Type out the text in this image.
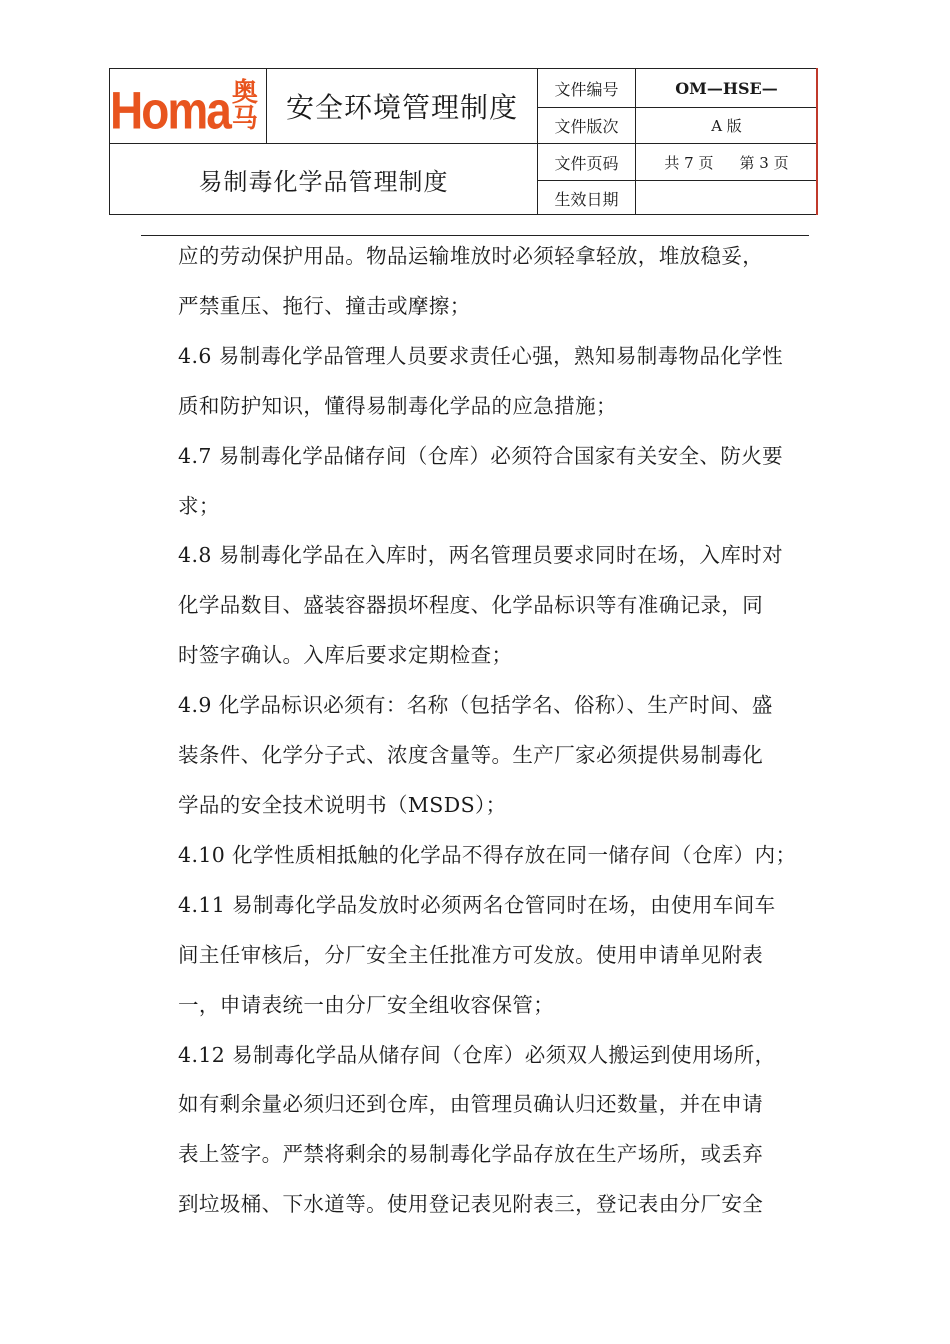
Homa 奥马	安全环境管理制度
易制毒化学品管理制度
文件编号
文件版次
文件页码
生效日期
OM—HSE—
A 版
共 7 页 第 3 页

应的劳动保护用品。物品运输堆放时必须轻拿轻放，堆放稳妥，

严禁重压、拖行、撞击或摩擦；

4.6 易制毒化学品管理人员要求责任心强，熟知易制毒物品化学性

质和防护知识，懂得易制毒化学品的应急措施；

4.7 易制毒化学品储存间（仓库）必须符合国家有关安全、防火要

求；

4.8 易制毒化学品在入库时，两名管理员要求同时在场，入库时对

化学品数目、盛装容器损坏程度、化学品标识等有准确记录，同

时签字确认。入库后要求定期检查；

4.9 化学品标识必须有：名称（包括学名、俗称）、生产时间、盛

装条件、化学分子式、浓度含量等。生产厂家必须提供易制毒化

学品的安全技术说明书（MSDS）；

4.10 化学性质相抵触的化学品不得存放在同一储存间（仓库）内；

4.11 易制毒化学品发放时必须两名仓管同时在场，由使用车间车

间主任审核后，分厂安全主任批准方可发放。使用申请单见附表

一，申请表统一由分厂安全组收容保管；

4.12 易制毒化学品从储存间（仓库）必须双人搬运到使用场所，

如有剩余量必须归还到仓库，由管理员确认归还数量，并在申请

表上签字。严禁将剩余的易制毒化学品存放在生产场所，或丢弃

到垃圾桶、下水道等。使用登记表见附表三，登记表由分厂安全
